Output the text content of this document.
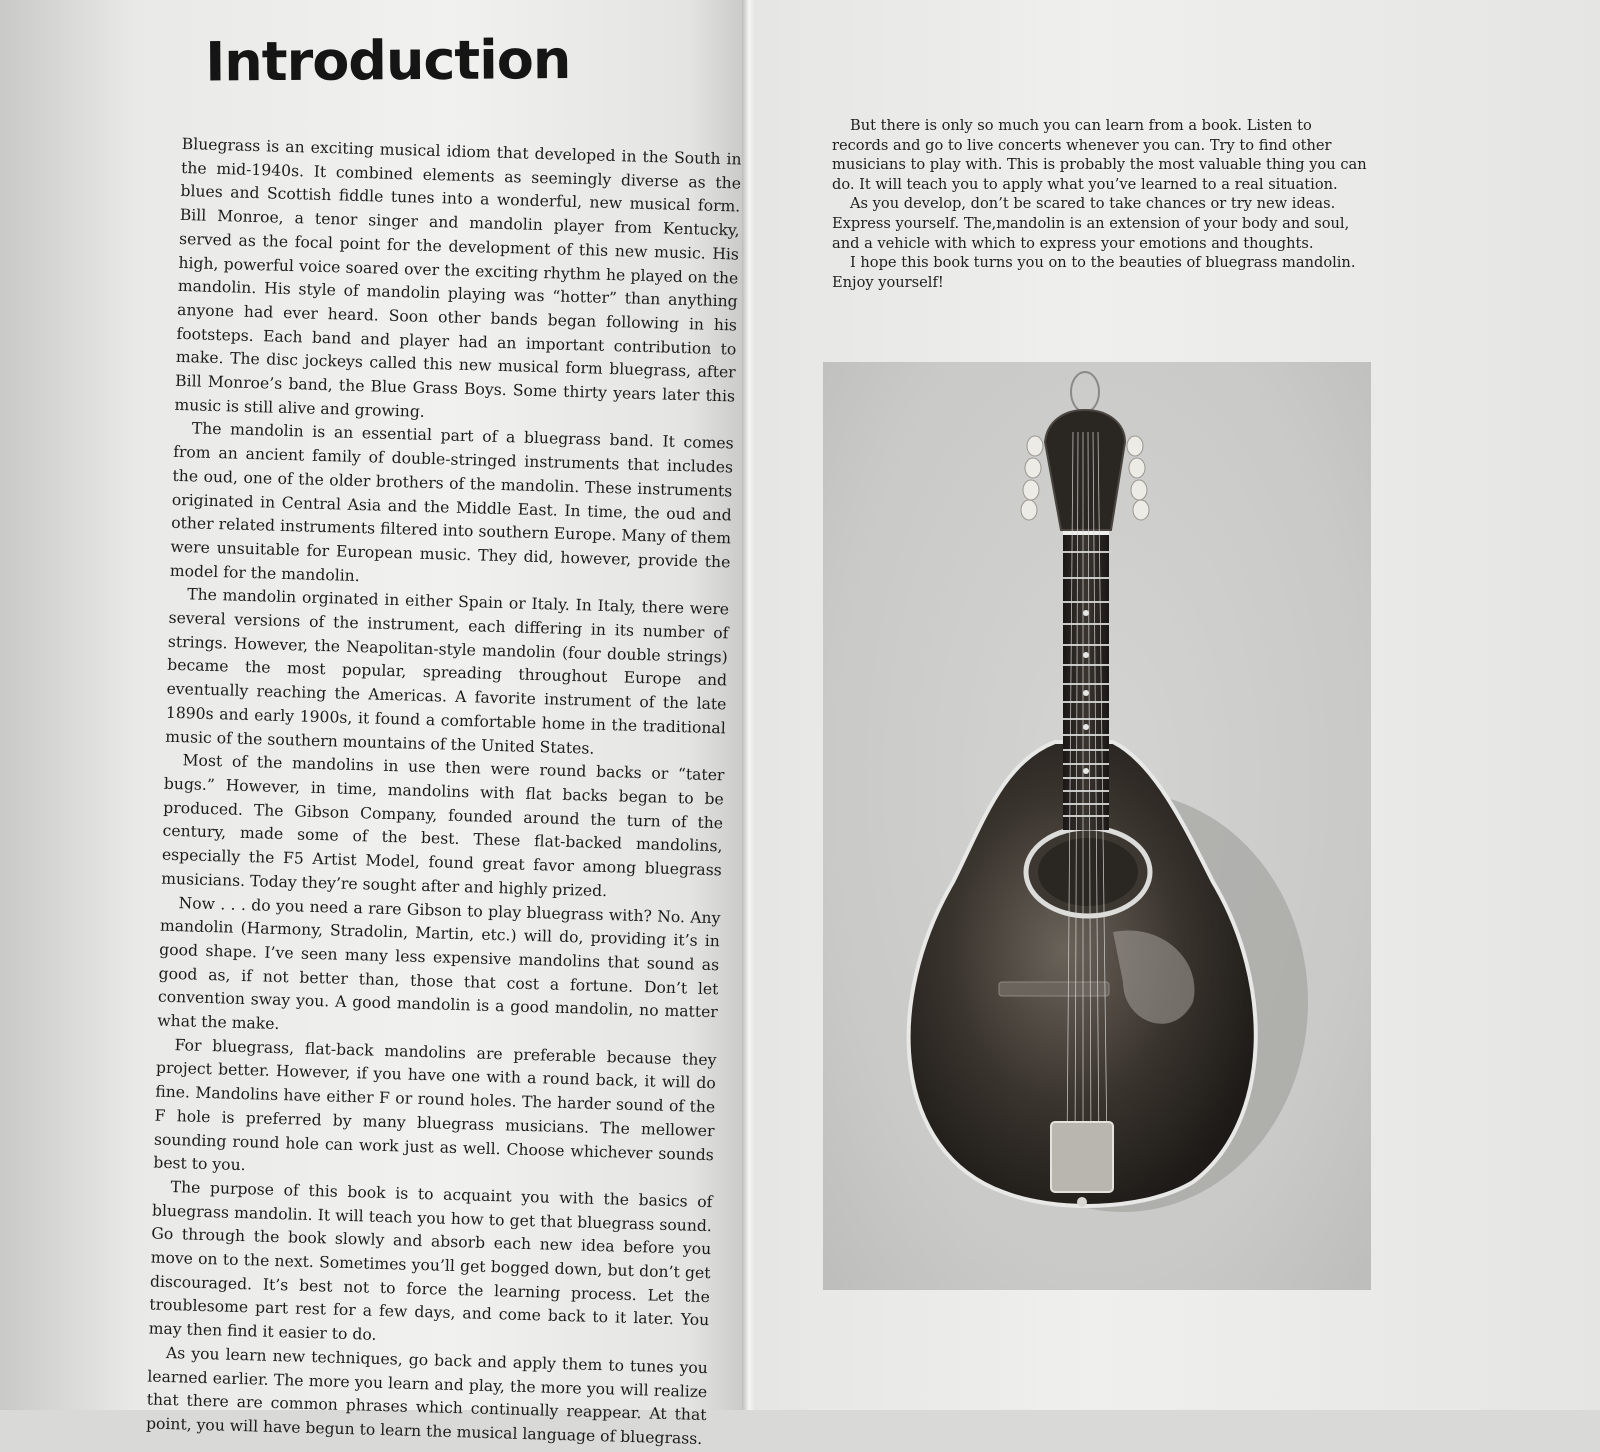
Introduction

Bluegrass is an exciting musical idiom that developed in the South in the mid-1940s. It combined elements as seemingly diverse as the blues and Scottish fiddle tunes into a wonderful, new musical form. Bill Monroe, a tenor singer and mandolin player from Kentucky, served as the focal point for the development of this new music. His high, powerful voice soared over the exciting rhythm he played on the mandolin. His style of mandolin playing was “hotter” than anything anyone had ever heard. Soon other bands began following in his footsteps. Each band and player had an important contribution to make. The disc jockeys called this new musical form bluegrass, after Bill Monroe’s band, the Blue Grass Boys. Some thirty years later this music is still alive and growing.

The mandolin is an essential part of a bluegrass band. It comes from an ancient family of double-stringed instruments that includes the oud, one of the older brothers of the mandolin. These instruments originated in Central Asia and the Middle East. In time, the oud and other related instruments filtered into southern Europe. Many of them were unsuitable for European music. They did, however, provide the model for the mandolin.

The mandolin orginated in either Spain or Italy. In Italy, there were several versions of the instrument, each differing in its number of strings. However, the Neapolitan-style mandolin (four double strings) became the most popular, spreading throughout Europe and eventually reaching the Americas. A favorite instrument of the late 1890s and early 1900s, it found a comfortable home in the traditional music of the southern mountains of the United States.

Most of the mandolins in use then were round backs or “tater bugs.” However, in time, mandolins with flat backs began to be produced. The Gibson Company, founded around the turn of the century, made some of the best. These flat-backed mandolins, especially the F5 Artist Model, found great favor among bluegrass musicians. Today they’re sought after and highly prized.

Now . . . do you need a rare Gibson to play bluegrass with? No. Any mandolin (Harmony, Stradolin, Martin, etc.) will do, providing it’s in good shape. I’ve seen many less expensive mandolins that sound as good as, if not better than, those that cost a fortune. Don’t let convention sway you. A good mandolin is a good mandolin, no matter what the make.

For bluegrass, flat-back mandolins are preferable because they project better. However, if you have one with a round back, it will do fine. Mandolins have either F or round holes. The harder sound of the F hole is preferred by many bluegrass musicians. The mellower sounding round hole can work just as well. Choose whichever sounds best to you.

The purpose of this book is to acquaint you with the basics of bluegrass mandolin. It will teach you how to get that bluegrass sound. Go through the book slowly and absorb each new idea before you move on to the next. Sometimes you’ll get bogged down, but don’t get discouraged. It’s best not to force the learning process. Let the troublesome part rest for a few days, and come back to it later. You may then find it easier to do.

As you learn new techniques, go back and apply them to tunes you learned earlier. The more you learn and play, the more you will realize that there are common phrases which continually reappear. At that point, you will have begun to learn the musical language of bluegrass.

But there is only so much you can learn from a book. Listen to records and go to live concerts whenever you can. Try to find other musicians to play with. This is probably the most valuable thing you can do. It will teach you to apply what you’ve learned to a real situation.

As you develop, don’t be scared to take chances or try new ideas. Express yourself. The,mandolin is an extension of your body and soul, and a vehicle with which to express your emotions and thoughts.

I hope this book turns you on to the beauties of bluegrass mandolin. Enjoy yourself!
